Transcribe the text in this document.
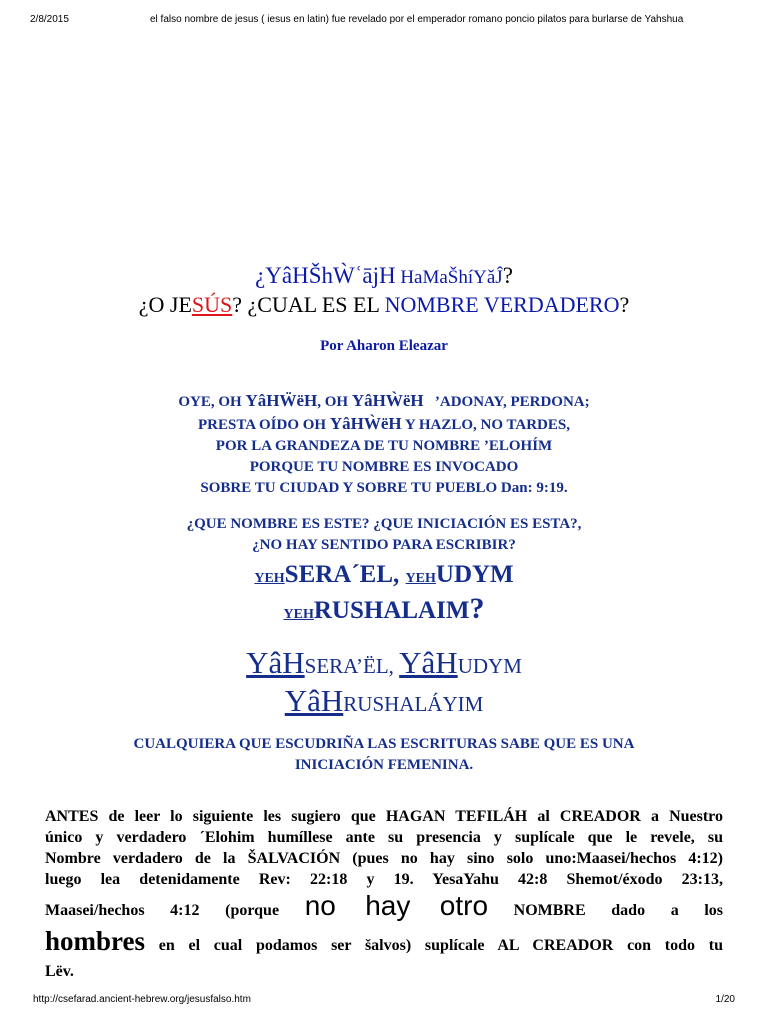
2/8/2015	el falso nombre de jesus ( iesus en latin) fue revelado por el emperador romano poncio pilatos para burlarse de Yahshua
¿YâHŠhẀʿājH HaMaŠhíYǎĴ?
¿O JESÚS? ¿CUAL ES EL NOMBRE VERDADERO?
Por Aharon Eleazar
OYE, OH YâHẄëH, OH YâHẀëH   ’ADONAY, PERDONA;
PRESTA OÍDO OH YâHẀëH Y HAZLO, NO TARDES,
POR LA GRANDEZA DE TU NOMBRE ’ELOHÍM
PORQUE TU NOMBRE ES INVOCADO
SOBRE TU CIUDAD Y SOBRE TU PUEBLO Dan: 9:19.
¿QUE NOMBRE ES ESTE? ¿QUE INICIACIÓN ES ESTA?,
¿NO HAY SENTIDO PARA ESCRIBIR?
YEHSERA´EL, YEHUDYM
YEHRUSHALAIM?
YâHSERA’ËL, YâHUDYM
YâHRUSHALÁYIM
CUALQUIERA QUE ESCUDRIÑA LAS ESCRITURAS SABE QUE ES UNA
INICIACIÓN FEMENINA.
ANTES de leer lo siguiente les sugiero que HAGAN TEFILÁH al CREADOR a Nuestro
único y verdadero ´Elohim humíllese ante su presencia y suplícale que le revele, su
Nombre verdadero de la ŠALVACIÓN (pues no hay sino solo uno:Maasei/hechos 4:12)
luego lea detenidamente Rev: 22:18 y 19. YesaYahu 42:8 Shemot/éxodo 23:13,
Maasei/hechos 4:12 (porque no hay otro NOMBRE dado a los
hombres en el cual podamos ser šalvos) suplícale AL CREADOR con todo tu
Lëv.
http://csefarad.ancient-hebrew.org/jesusfalso.htm	1/20
